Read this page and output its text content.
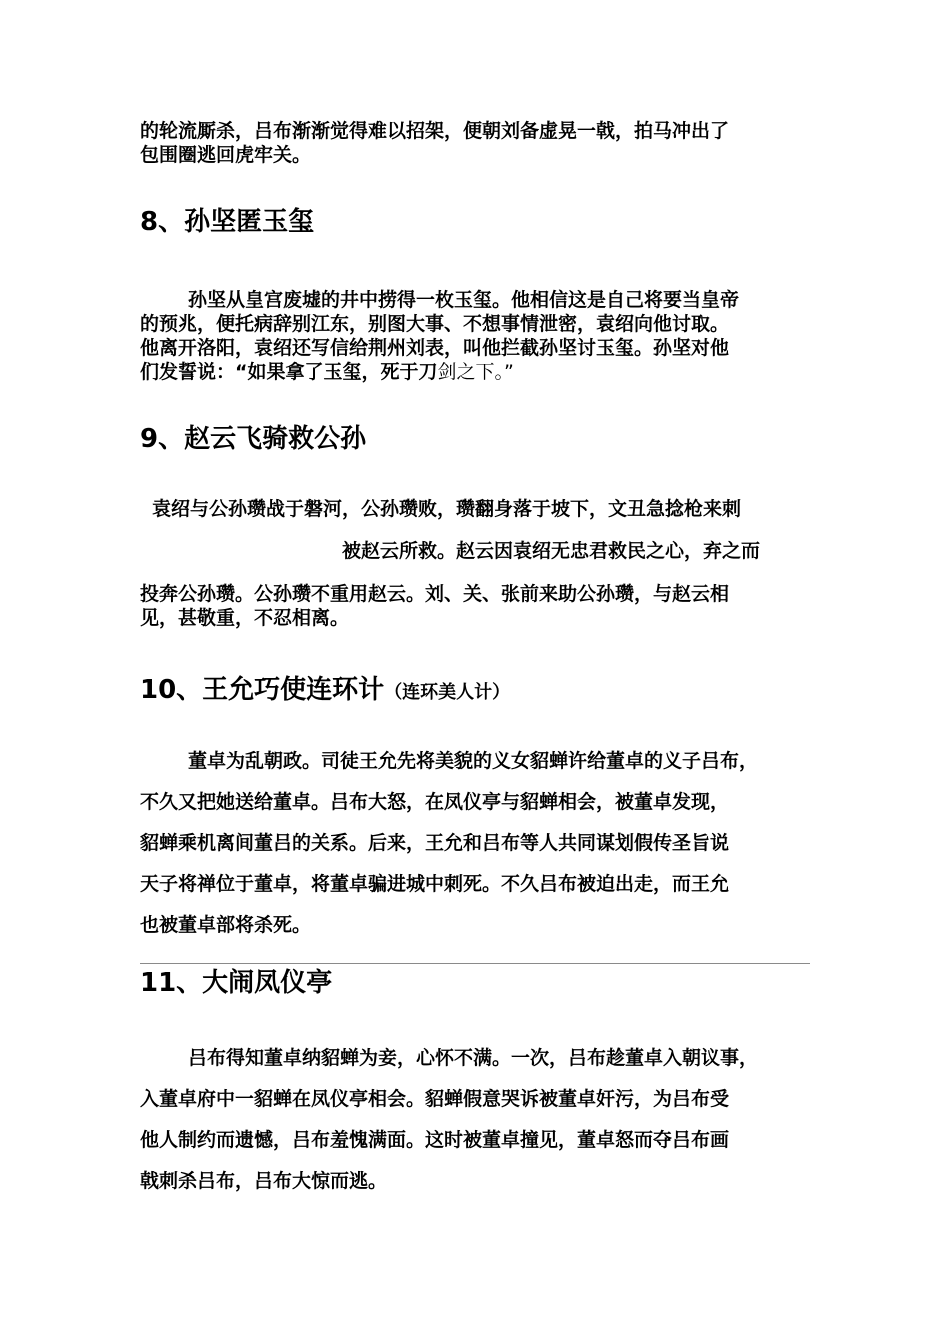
的轮流厮杀，吕布渐渐觉得难以招架，便朝刘备虚晃一戟，拍马冲出了
包围圈逃回虎牢关。
8、孙坚匿玉玺
孙坚从皇宫废墟的井中捞得一枚玉玺。他相信这是自己将要当皇帝
的预兆，便托病辞别江东，别图大事、不想事情泄密，袁绍向他讨取。
他离开洛阳，袁绍还写信给荆州刘表，叫他拦截孙坚讨玉玺。孙坚对他
们发誓说：“如果拿了玉玺，死于刀剑之下。”
9、赵云飞骑救公孙
袁绍与公孙瓒战于磐河，公孙瓒败，瓒翻身落于坡下，文丑急捻枪来刺
被赵云所救。赵云因袁绍无忠君救民之心，弃之而
投奔公孙瓒。公孙瓒不重用赵云。刘、关、张前来助公孙瓒，与赵云相
见，甚敬重，不忍相离。
10、王允巧使连环计（连环美人计）
董卓为乱朝政。司徒王允先将美貌的义女貂蝉许给董卓的义子吕布，
不久又把她送给董卓。吕布大怒，在凤仪亭与貂蝉相会，被董卓发现，
貂蝉乘机离间董吕的关系。后来，王允和吕布等人共同谋划假传圣旨说
天子将禅位于董卓，将董卓骗进城中刺死。不久吕布被迫出走，而王允
也被董卓部将杀死。
11、大闹凤仪亭
吕布得知董卓纳貂蝉为妾，心怀不满。一次，吕布趁董卓入朝议事，
入董卓府中一貂蝉在凤仪亭相会。貂蝉假意哭诉被董卓奸污，为吕布受
他人制约而遗憾，吕布羞愧满面。这时被董卓撞见，董卓怒而夺吕布画
戟刺杀吕布，吕布大惊而逃。
